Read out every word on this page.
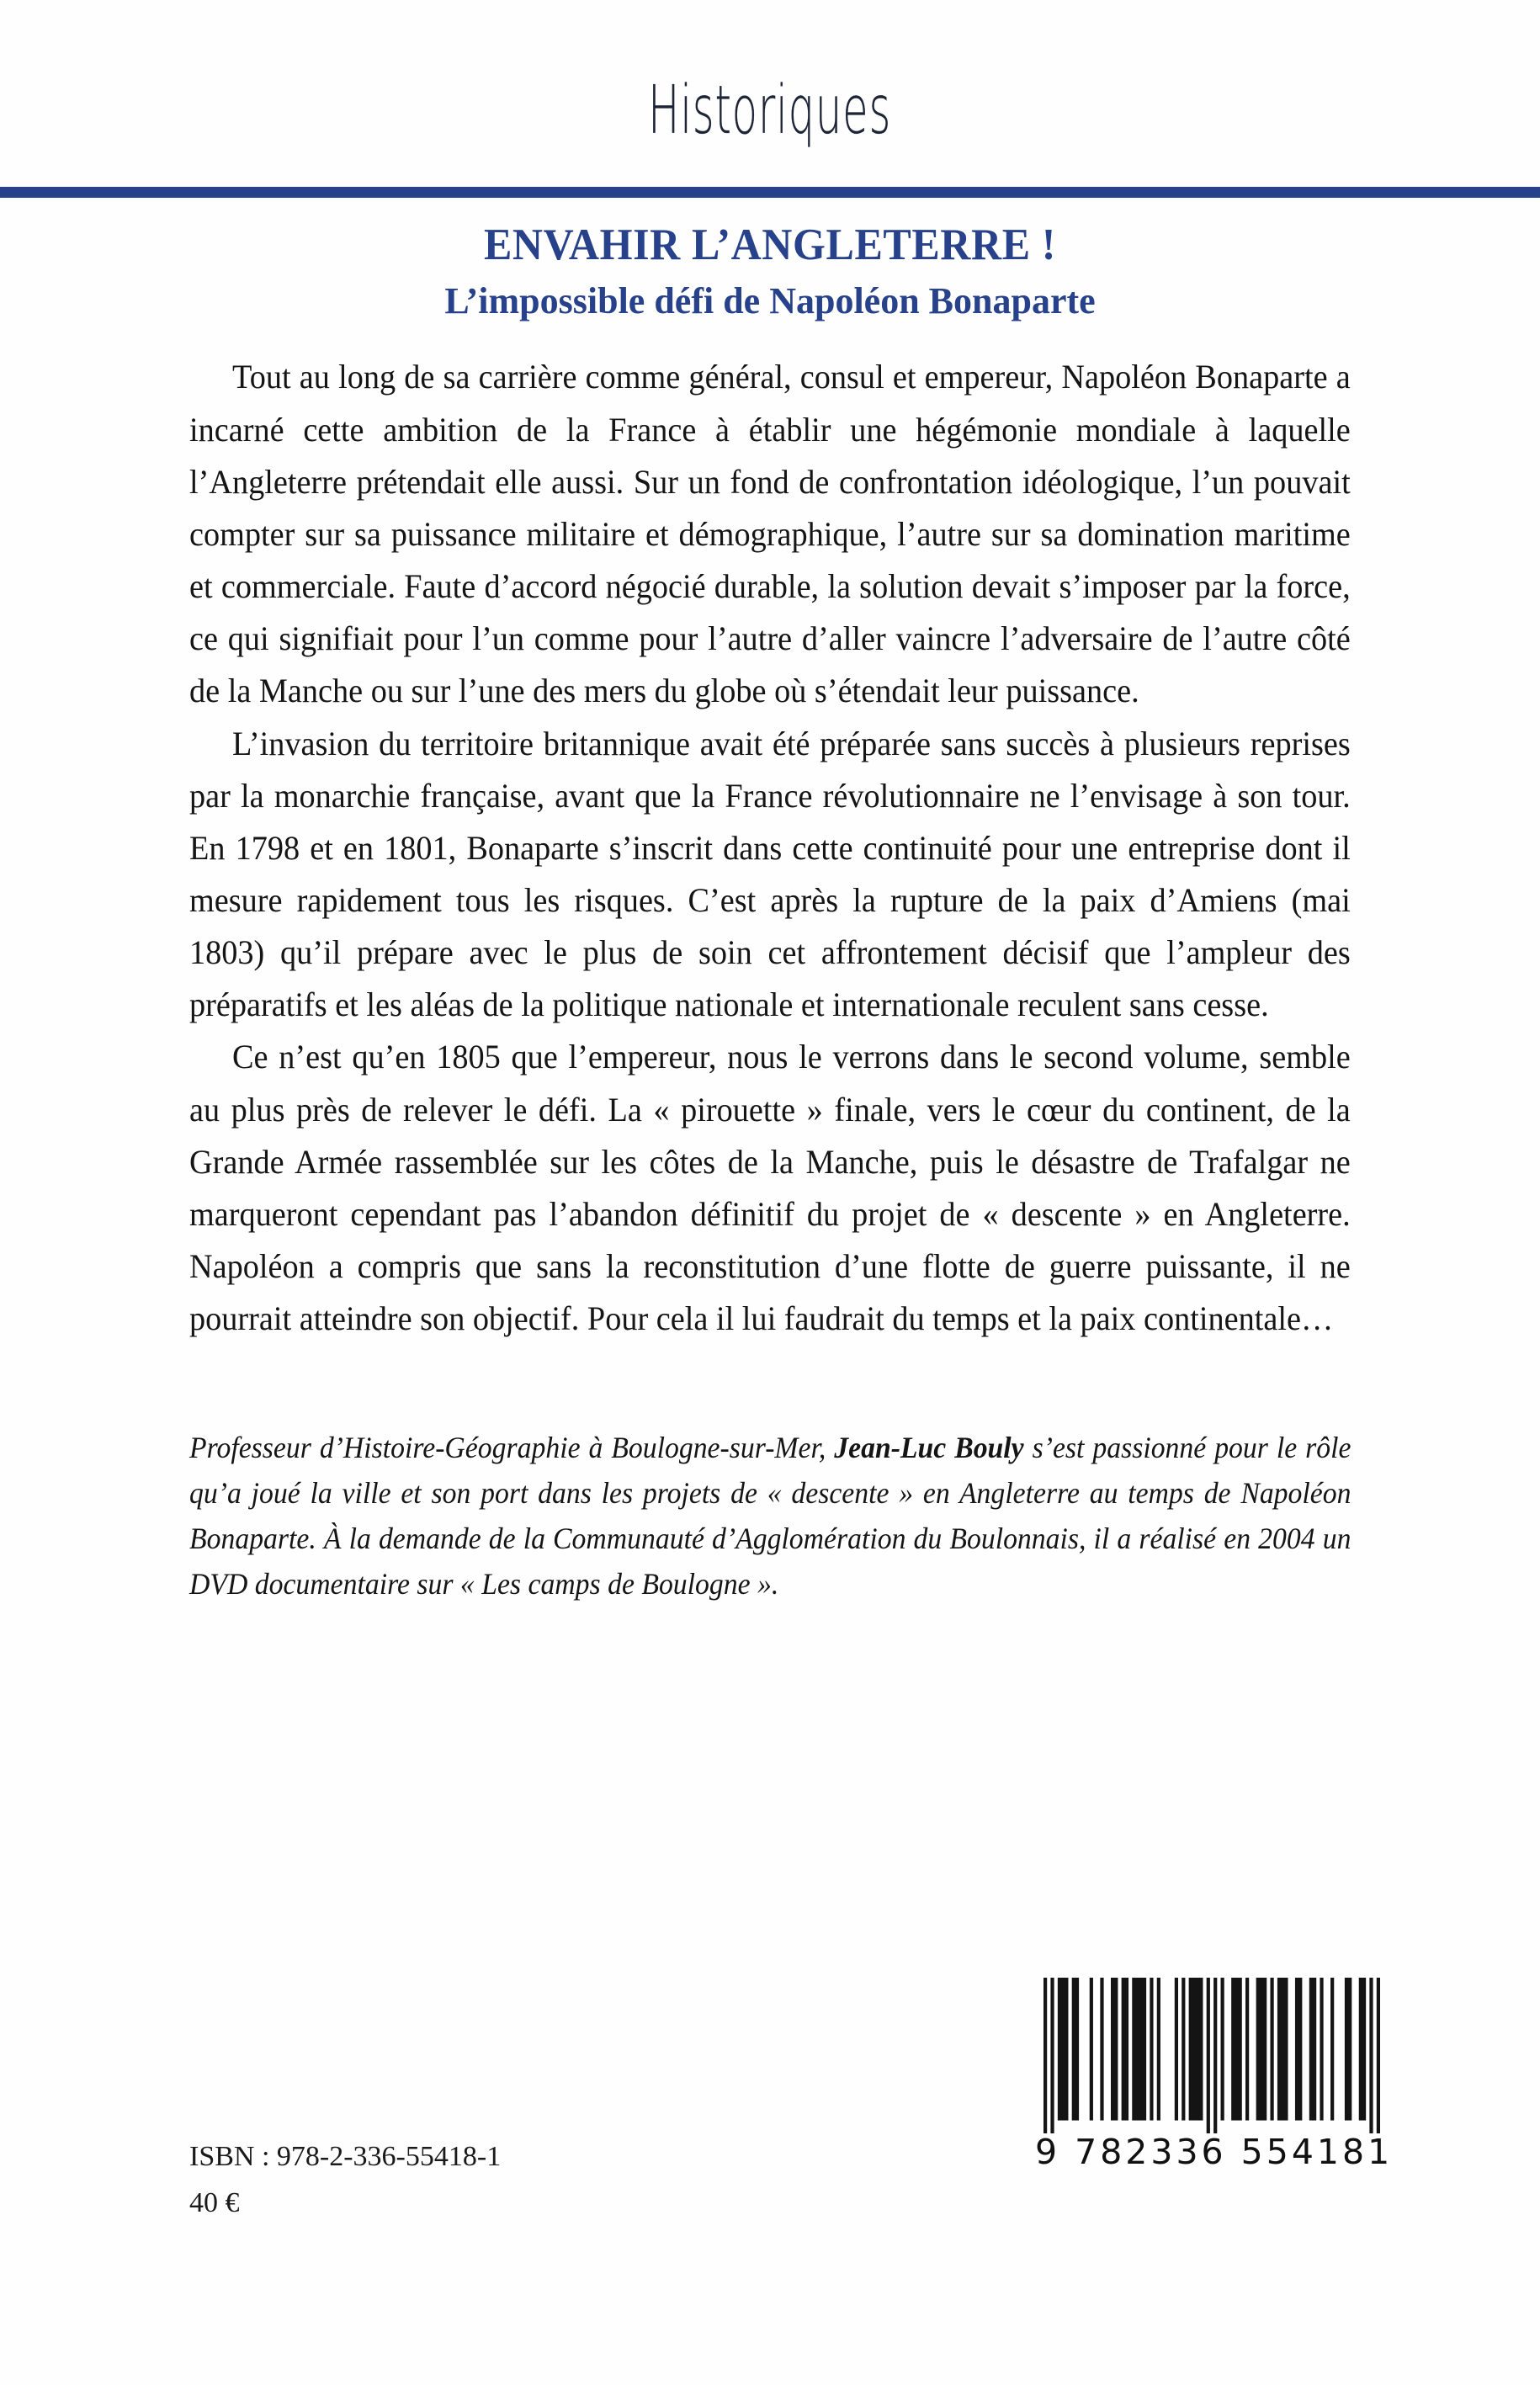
Historiques
ENVAHIR L’ANGLETERRE !
L’impossible défi de Napoléon Bonaparte

Tout au long de sa carrière comme général, consul et empereur, Napoléon Bonaparte a incarné cette ambition de la France à établir une hégémonie mondiale à laquelle l’Angleterre prétendait elle aussi. Sur un fond de confrontation idéologique, l’un pouvait compter sur sa puissance militaire et démographique, l’autre sur sa domination maritime et commerciale. Faute d’accord négocié durable, la solution devait s’imposer par la force, ce qui signifiait pour l’un comme pour l’autre d’aller vaincre l’adversaire de l’autre côté de la Manche ou sur l’une des mers du globe où s’étendait leur puissance.

L’invasion du territoire britannique avait été préparée sans succès à plusieurs reprises par la monarchie française, avant que la France révolutionnaire ne l’envisage à son tour. En 1798 et en 1801, Bonaparte s’inscrit dans cette continuité pour une entreprise dont il mesure rapidement tous les risques. C’est après la rupture de la paix d’Amiens (mai 1803) qu’il prépare avec le plus de soin cet affrontement décisif que l’ampleur des préparatifs et les aléas de la politique nationale et internationale reculent sans cesse.

Ce n’est qu’en 1805 que l’empereur, nous le verrons dans le second volume, semble au plus près de relever le défi. La « pirouette » finale, vers le cœur du continent, de la Grande Armée rassemblée sur les côtes de la Manche, puis le désastre de Trafalgar ne marqueront cependant pas l’abandon définitif du projet de « descente » en Angleterre. Napoléon a compris que sans la reconstitution d’une flotte de guerre puissante, il ne pourrait atteindre son objectif. Pour cela il lui faudrait du temps et la paix continentale…

Professeur d’Histoire-Géographie à Boulogne-sur-Mer, Jean-Luc Bouly s’est passionné pour le rôle qu’a joué la ville et son port dans les projets de « descente » en Angleterre au temps de Napoléon Bonaparte. À la demande de la Communauté d’Agglomération du Boulonnais, il a réalisé en 2004 un DVD documentaire sur « Les camps de Boulogne ».

ISBN : 978-2-336-55418-1
40 €
9 782336 554181
